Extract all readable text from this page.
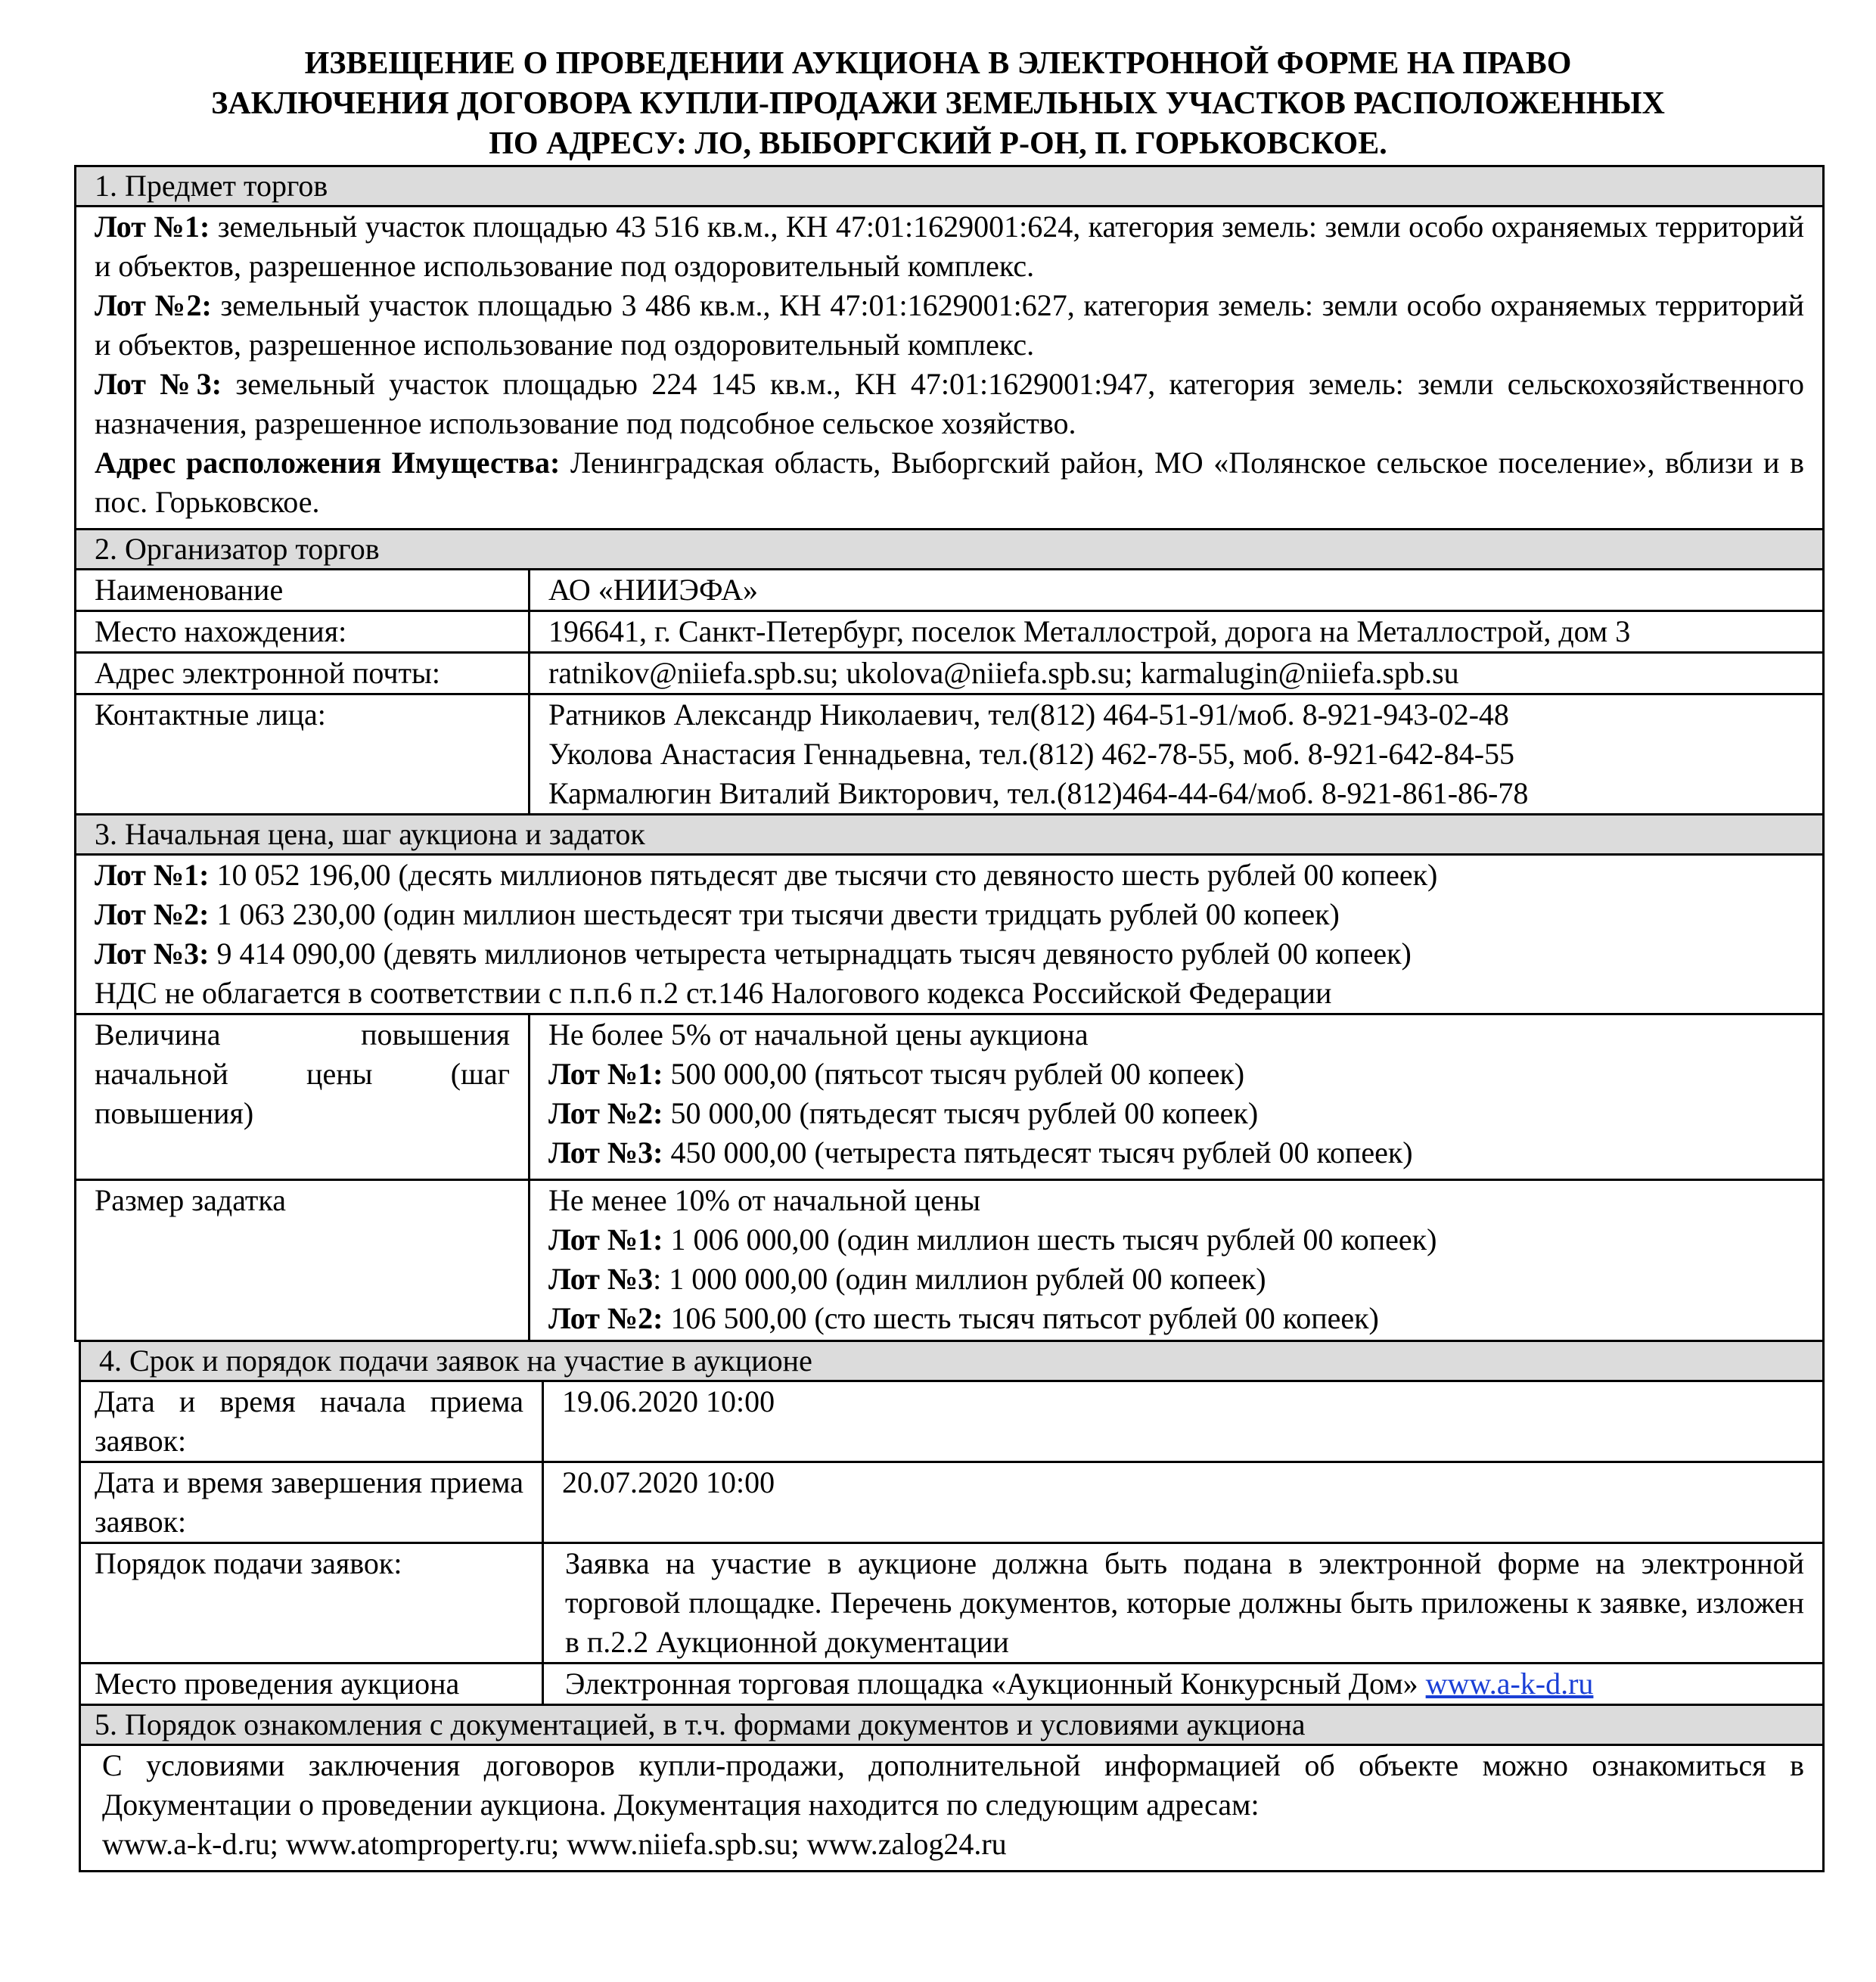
ИЗВЕЩЕНИЕ О ПРОВЕДЕНИИ АУКЦИОНА В ЭЛЕКТРОННОЙ ФОРМЕ НА ПРАВО
ЗАКЛЮЧЕНИЯ ДОГОВОРА КУПЛИ-ПРОДАЖИ ЗЕМЕЛЬНЫХ УЧАСТКОВ РАСПОЛОЖЕННЫХ
ПО АДРЕСУ: ЛО, ВЫБОРГСКИЙ Р-ОН, П. ГОРЬКОВСКОЕ.
1. Предмет торгов	

Лот №1: земельный участок площадью 43 516 кв.м., КН 47:01:1629001:624, категория земель: земли особо охраняемых территорий и объектов, разрешенное использование под оздоровительный комплекс.
Лот №2: земельный участок площадью 3 486 кв.м., КН 47:01:1629001:627, категория земель: земли особо охраняемых территорий и объектов, разрешенное использование под оздоровительный комплекс.
Лот №3: земельный участок площадью 224 145 кв.м., КН 47:01:1629001:947, категория земель: земли сельскохозяйственного назначения, разрешенное использование под подсобное сельское хозяйство.
Адрес расположения Имущества: Ленинградская область, Выборгский район, МО «Полянское сельское поселение», вблизи и в пос. Горьковское.	

2. Организатор торгов	
Наименование	АО «НИИЭФА»
Место нахождения:	196641, г. Санкт-Петербург, поселок Металлострой, дорога на Металлострой, дом 3
Адрес электронной почты:	ratnikov@niiefa.spb.su; ukolova@niiefa.spb.su; karmalugin@niiefa.spb.su
Контактные лица:	Ратников Александр Николаевич, тел(812) 464-51-91/моб. 8-921-943-02-48
Уколова Анастасия Геннадьевна, тел.(812) 462-78-55, моб. 8-921-642-84-55
Кармалюгин Виталий Викторович, тел.(812)464-44-64/моб. 8-921-861-86-78

3. Начальная цена, шаг аукциона и задаток	

Лот №1: 10 052 196,00 (десять миллионов пятьдесят две тысячи сто девяносто шесть рублей 00 копеек)
Лот №2: 1 063 230,00 (один миллион шестьдесят три тысячи двести тридцать рублей 00 копеек)
Лот №3: 9 414 090,00 (девять миллионов четыреста четырнадцать тысяч девяносто рублей 00 копеек)
НДС не облагается в соответствии с п.п.6 п.2 ст.146 Налогового кодекса Российской Федерации	

Величина повышения начальной цены (шаг повышения)	Не более 5% от начальной цены аукциона
Лот №1: 500 000,00 (пятьсот тысяч рублей 00 копеек)
Лот №2: 50 000,00 (пятьдесят тысяч рублей 00 копеек)
Лот №3: 450 000,00 (четыреста пятьдесят тысяч рублей 00 копеек)

Размер задатка	Не менее 10% от начальной цены
Лот №1: 1 006 000,00 (один миллион шесть тысяч рублей 00 копеек)
Лот №3: 1 000 000,00 (один миллион рублей 00 копеек)
Лот №2: 106 500,00 (сто шесть тысяч пятьсот рублей 00 копеек)
4. Срок и порядок подачи заявок на участие в аукционе	
Дата и время начала приема заявок:	19.06.2020 10:00
Дата и время завершения приема заявок:	20.07.2020 10:00
Порядок подачи заявок:	Заявка на участие в аукционе должна быть подана в электронной форме на электронной торговой площадке. Перечень документов, которые должны быть приложены к заявке, изложен в п.2.2 Аукционной документации
Место проведения аукциона	Электронная торговая площадка «Аукционный Конкурсный Дом» www.a-k-d.ru
5. Порядок ознакомления с документацией, в т.ч. формами документов и условиями аукциона	

С условиями заключения договоров купли-продажи, дополнительной информацией об объекте можно ознакомиться в Документации о проведении аукциона. Документация находится по следующим адресам:
www.a-k-d.ru; www.atomproperty.ru; www.niiefa.spb.su; www.zalog24.ru	
